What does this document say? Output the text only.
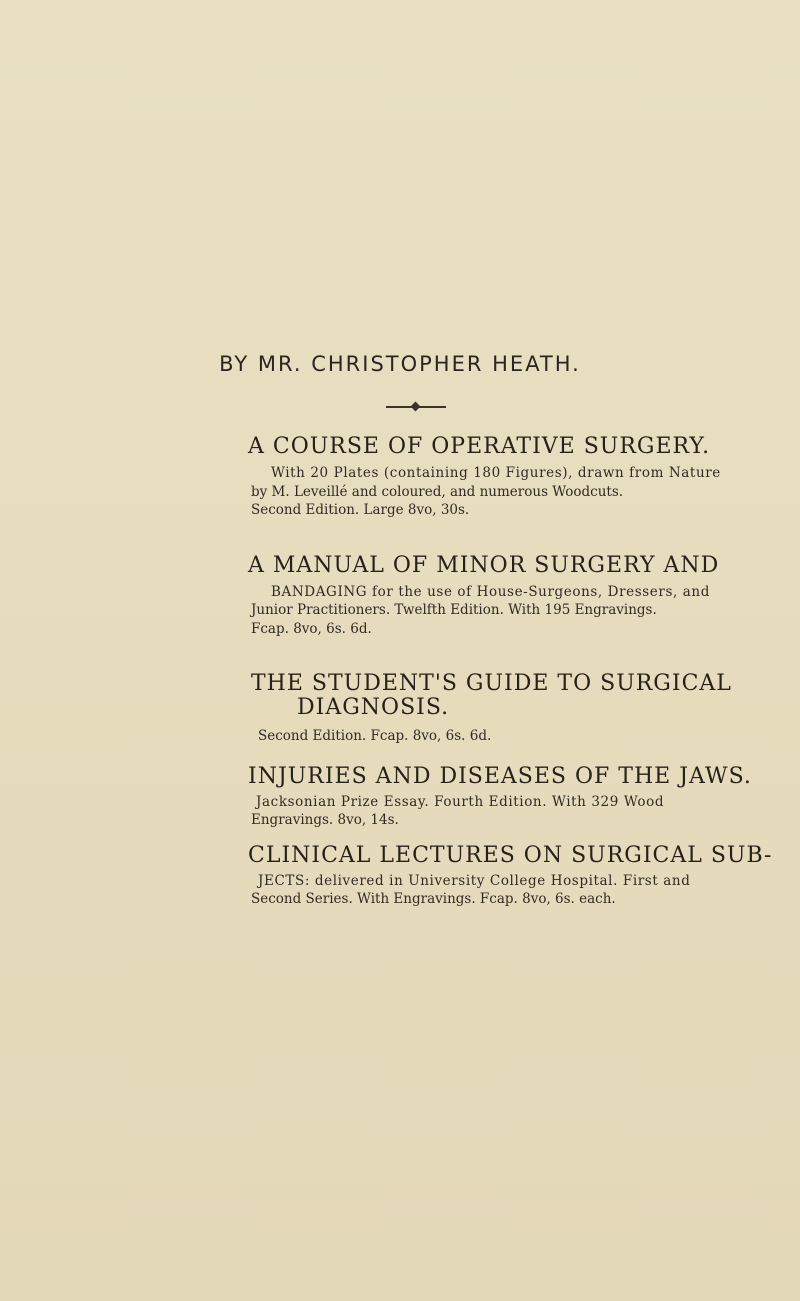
BY MR. CHRISTOPHER HEATH.
A COURSE OF OPERATIVE SURGERY.
With 20 Plates (containing 180 Figures), drawn from Nature
by M. Leveillé and coloured, and numerous Woodcuts.
Second Edition. Large 8vo, 30s.
A MANUAL OF MINOR SURGERY AND
BANDAGING for the use of House-Surgeons, Dressers, and
Junior Practitioners. Twelfth Edition. With 195 Engravings.
Fcap. 8vo, 6s. 6d.
THE STUDENT'S GUIDE TO SURGICAL
DIAGNOSIS.
Second Edition. Fcap. 8vo, 6s. 6d.
INJURIES AND DISEASES OF THE JAWS.
Jacksonian Prize Essay. Fourth Edition. With 329 Wood
Engravings. 8vo, 14s.
CLINICAL LECTURES ON SURGICAL SUB-
JECTS: delivered in University College Hospital. First and
Second Series. With Engravings. Fcap. 8vo, 6s. each.
